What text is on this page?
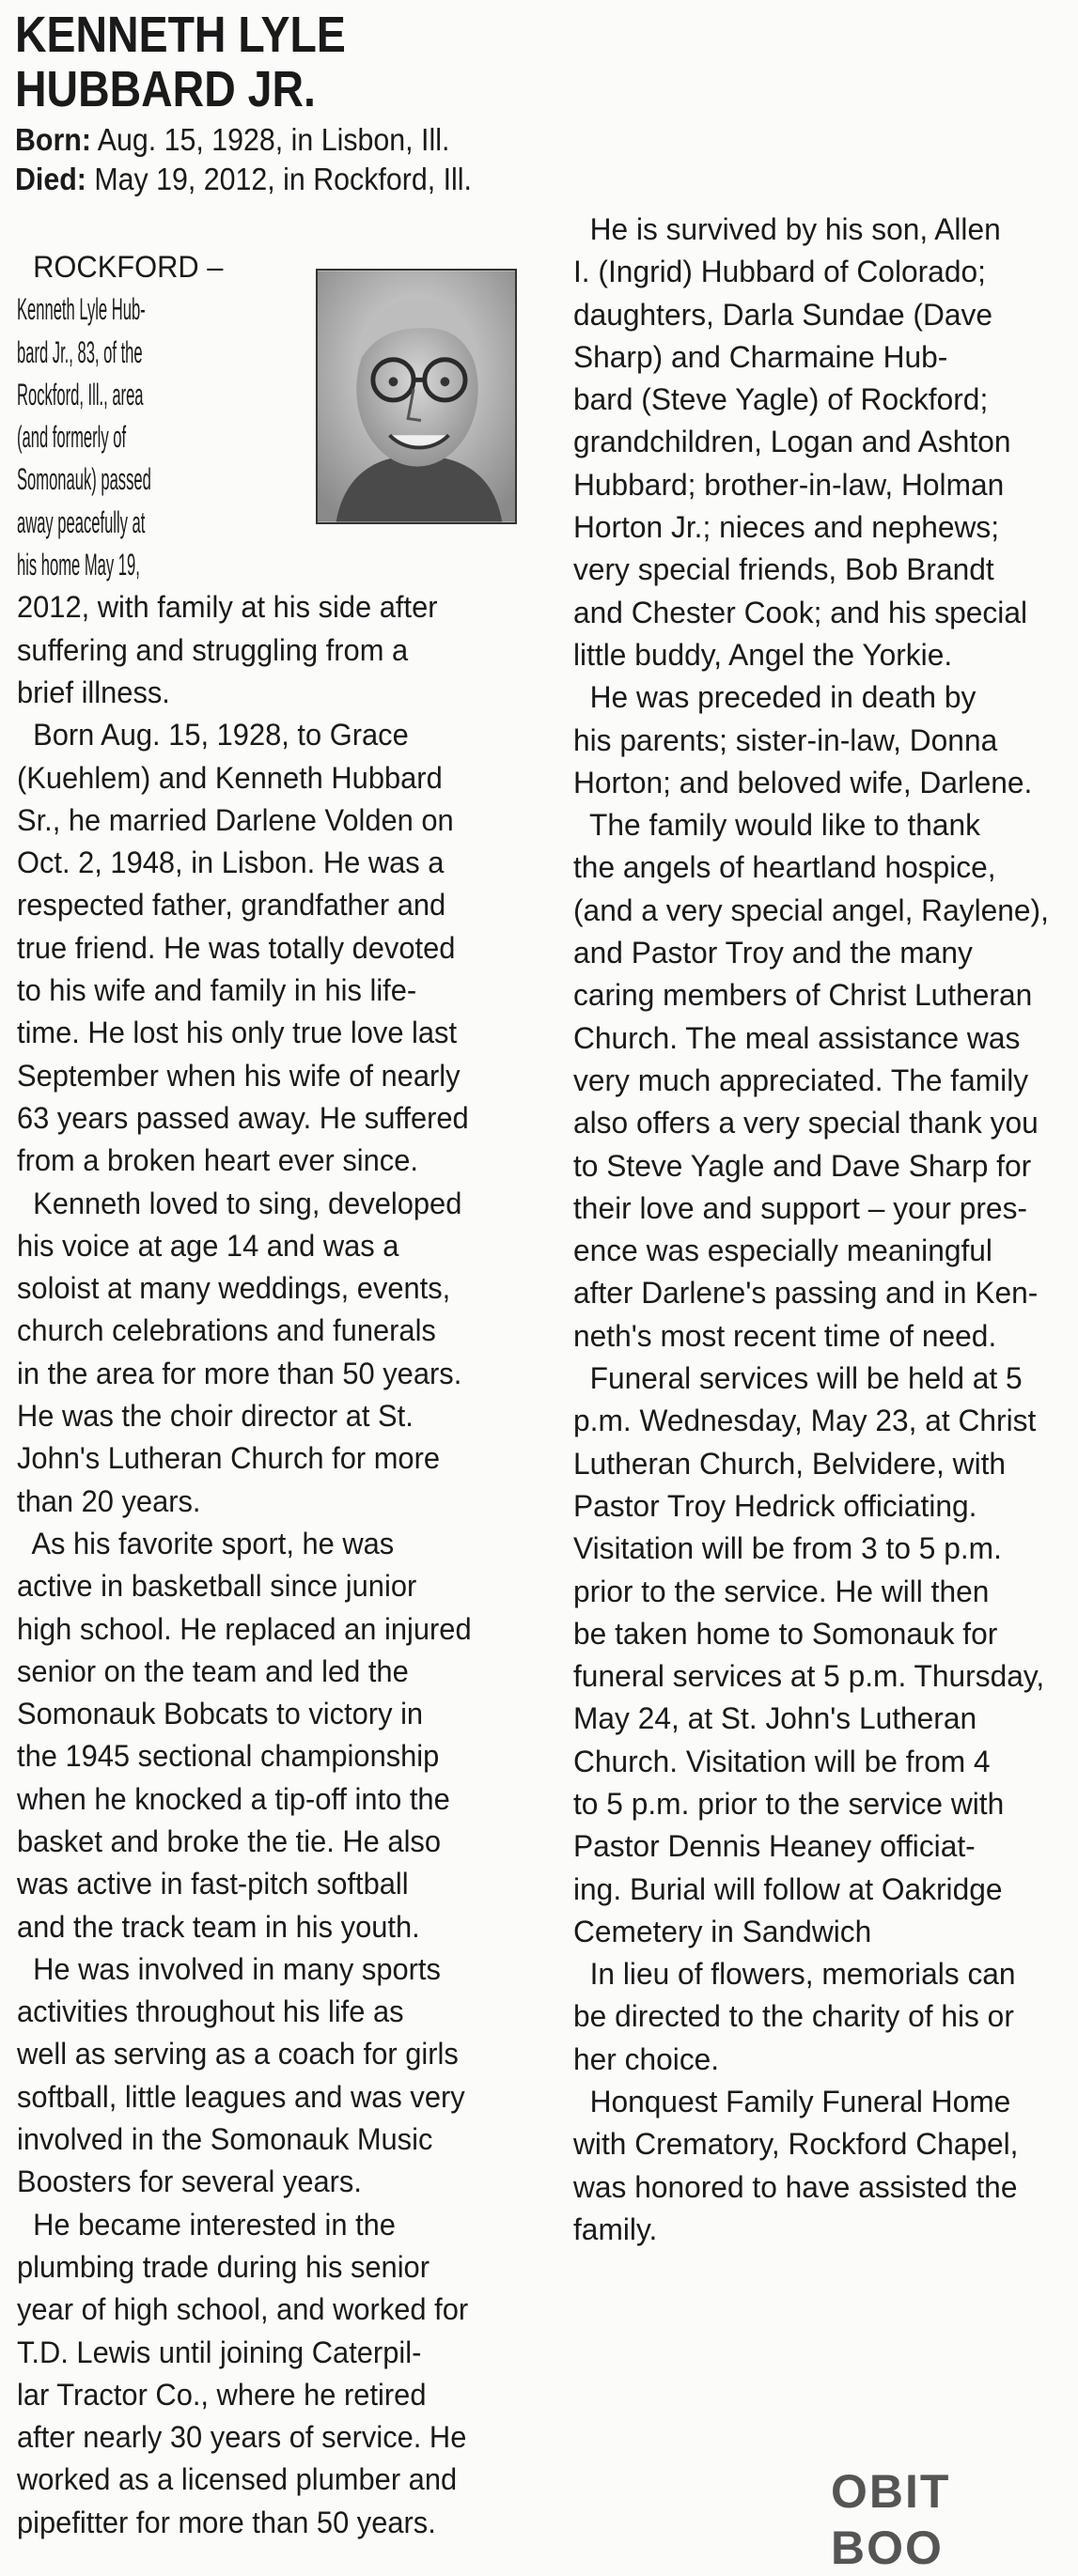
KENNETH LYLE
HUBBARD JR.
Born: Aug. 15, 1928, in Lisbon, Ill.
Died: May 19, 2012, in Rockford, Ill.
ROCKFORD –
Kenneth Lyle Hub-
bard Jr., 83, of the
Rockford, Ill., area
(and formerly of
Somonauk) passed
away peacefully at
his home May 19,
2012, with family at his side after
suffering and struggling from a
brief illness.
Born Aug. 15, 1928, to Grace
(Kuehlem) and Kenneth Hubbard
Sr., he married Darlene Volden on
Oct. 2, 1948, in Lisbon. He was a
respected father, grandfather and
true friend. He was totally devoted
to his wife and family in his life-
time. He lost his only true love last
September when his wife of nearly
63 years passed away. He suffered
from a broken heart ever since.
Kenneth loved to sing, developed
his voice at age 14 and was a
soloist at many weddings, events,
church celebrations and funerals
in the area for more than 50 years.
He was the choir director at St.
John's Lutheran Church for more
than 20 years.
As his favorite sport, he was
active in basketball since junior
high school. He replaced an injured
senior on the team and led the
Somonauk Bobcats to victory in
the 1945 sectional championship
when he knocked a tip-off into the
basket and broke the tie. He also
was active in fast-pitch softball
and the track team in his youth.
He was involved in many sports
activities throughout his life as
well as serving as a coach for girls
softball, little leagues and was very
involved in the Somonauk Music
Boosters for several years.
He became interested in the
plumbing trade during his senior
year of high school, and worked for
T.D. Lewis until joining Caterpil-
lar Tractor Co., where he retired
after nearly 30 years of service. He
worked as a licensed plumber and
pipefitter for more than 50 years.
He is survived by his son, Allen
I. (Ingrid) Hubbard of Colorado;
daughters, Darla Sundae (Dave
Sharp) and Charmaine Hub-
bard (Steve Yagle) of Rockford;
grandchildren, Logan and Ashton
Hubbard; brother-in-law, Holman
Horton Jr.; nieces and nephews;
very special friends, Bob Brandt
and Chester Cook; and his special
little buddy, Angel the Yorkie.
He was preceded in death by
his parents; sister-in-law, Donna
Horton; and beloved wife, Darlene.
The family would like to thank
the angels of heartland hospice,
(and a very special angel, Raylene),
and Pastor Troy and the many
caring members of Christ Lutheran
Church. The meal assistance was
very much appreciated. The family
also offers a very special thank you
to Steve Yagle and Dave Sharp for
their love and support – your pres-
ence was especially meaningful
after Darlene's passing and in Ken-
neth's most recent time of need.
Funeral services will be held at 5
p.m. Wednesday, May 23, at Christ
Lutheran Church, Belvidere, with
Pastor Troy Hedrick officiating.
Visitation will be from 3 to 5 p.m.
prior to the service. He will then
be taken home to Somonauk for
funeral services at 5 p.m. Thursday,
May 24, at St. John's Lutheran
Church. Visitation will be from 4
to 5 p.m. prior to the service with
Pastor Dennis Heaney officiat-
ing. Burial will follow at Oakridge
Cemetery in Sandwich
In lieu of flowers, memorials can
be directed to the charity of his or
her choice.
Honquest Family Funeral Home
with Crematory, Rockford Chapel,
was honored to have assisted the
family.
OBIT BOO
